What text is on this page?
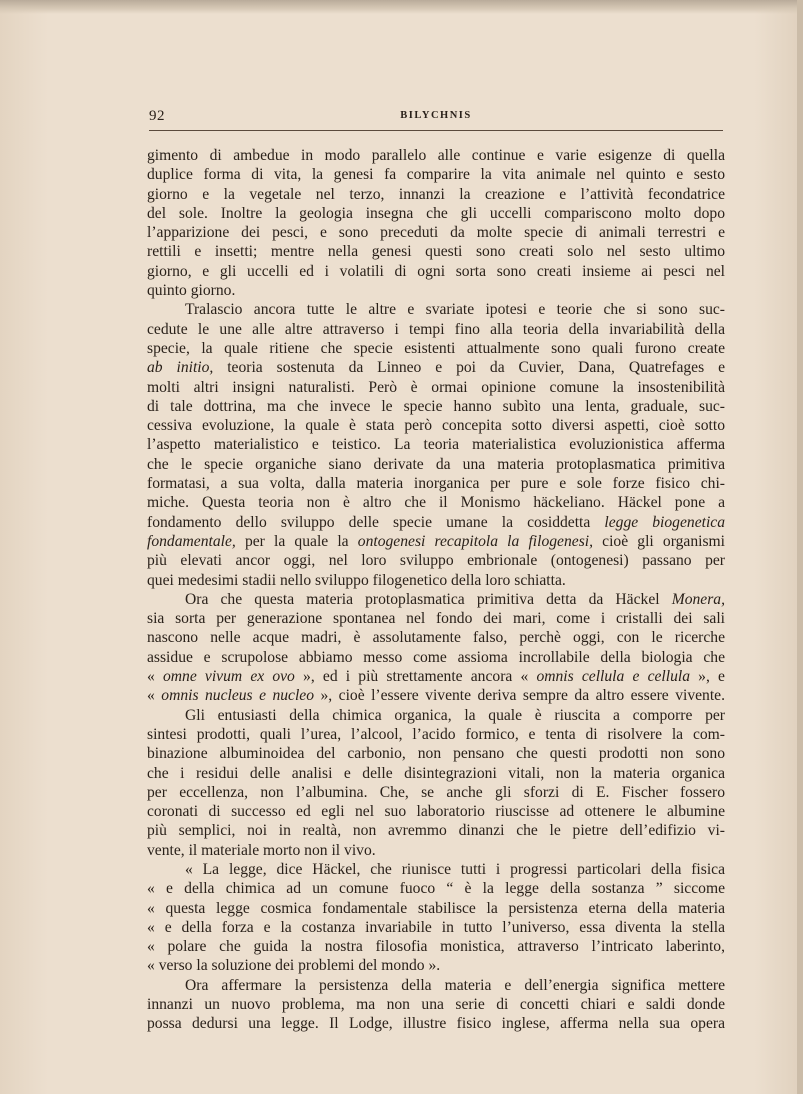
92	BILYCHNIS
gimento di ambedue in modo parallelo alle continue e varie esigenze di quella
duplice forma di vita, la genesi fa comparire la vita animale nel quinto e sesto
giorno e la vegetale nel terzo, innanzi la creazione e l’attività fecondatrice
del sole. Inoltre la geologia insegna che gli uccelli compariscono molto dopo
l’apparizione dei pesci, e sono preceduti da molte specie di animali terrestri e
rettili e insetti; mentre nella genesi questi sono creati solo nel sesto ultimo
giorno, e gli uccelli ed i volatili di ogni sorta sono creati insieme ai pesci nel
quinto giorno.
Tralascio ancora tutte le altre e svariate ipotesi e teorie che si sono suc-
cedute le une alle altre attraverso i tempi fino alla teoria della invariabilità della
specie, la quale ritiene che specie esistenti attualmente sono quali furono create
ab initio, teoria sostenuta da Linneo e poi da Cuvier, Dana, Quatrefages e
molti altri insigni naturalisti. Però è ormai opinione comune la insostenibilità
di tale dottrina, ma che invece le specie hanno subìto una lenta, graduale, suc-
cessiva evoluzione, la quale è stata però concepita sotto diversi aspetti, cioè sotto
l’aspetto materialistico e teistico. La teoria materialistica evoluzionistica afferma
che le specie organiche siano derivate da una materia protoplasmatica primitiva
formatasi, a sua volta, dalla materia inorganica per pure e sole forze fisico chi-
miche. Questa teoria non è altro che il Monismo häckeliano. Häckel pone a
fondamento dello sviluppo delle specie umane la cosiddetta legge biogenetica
fondamentale, per la quale la ontogenesi recapitola la filogenesi, cioè gli organismi
più elevati ancor oggi, nel loro sviluppo embrionale (ontogenesi) passano per
quei medesimi stadii nello sviluppo filogenetico della loro schiatta.
Ora che questa materia protoplasmatica primitiva detta da Häckel Monera,
sia sorta per generazione spontanea nel fondo dei mari, come i cristalli dei sali
nascono nelle acque madri, è assolutamente falso, perchè oggi, con le ricerche
assidue e scrupolose abbiamo messo come assioma incrollabile della biologia che
« omne vivum ex ovo », ed i più strettamente ancora « omnis cellula e cellula », e
« omnis nucleus e nucleo », cioè l’essere vivente deriva sempre da altro essere vivente.
Gli entusiasti della chimica organica, la quale è riuscita a comporre per
sintesi prodotti, quali l’urea, l’alcool, l’acido formico, e tenta di risolvere la com-
binazione albuminoidea del carbonio, non pensano che questi prodotti non sono
che i residui delle analisi e delle disintegrazioni vitali, non la materia organica
per eccellenza, non l’albumina. Che, se anche gli sforzi di E. Fischer fossero
coronati di successo ed egli nel suo laboratorio riuscisse ad ottenere le albumine
più semplici, noi in realtà, non avremmo dinanzi che le pietre dell’edifizio vi-
vente, il materiale morto non il vivo.
« La legge, dice Häckel, che riunisce tutti i progressi particolari della fisica
« e della chimica ad un comune fuoco “ è la legge della sostanza ” siccome
« questa legge cosmica fondamentale stabilisce la persistenza eterna della materia
« e della forza e la costanza invariabile in tutto l’universo, essa diventa la stella
« polare che guida la nostra filosofia monistica, attraverso l’intricato laberinto,
« verso la soluzione dei problemi del mondo ».
Ora affermare la persistenza della materia e dell’energia significa mettere
innanzi un nuovo problema, ma non una serie di concetti chiari e saldi donde
possa dedursi una legge. Il Lodge, illustre fisico inglese, afferma nella sua opera
